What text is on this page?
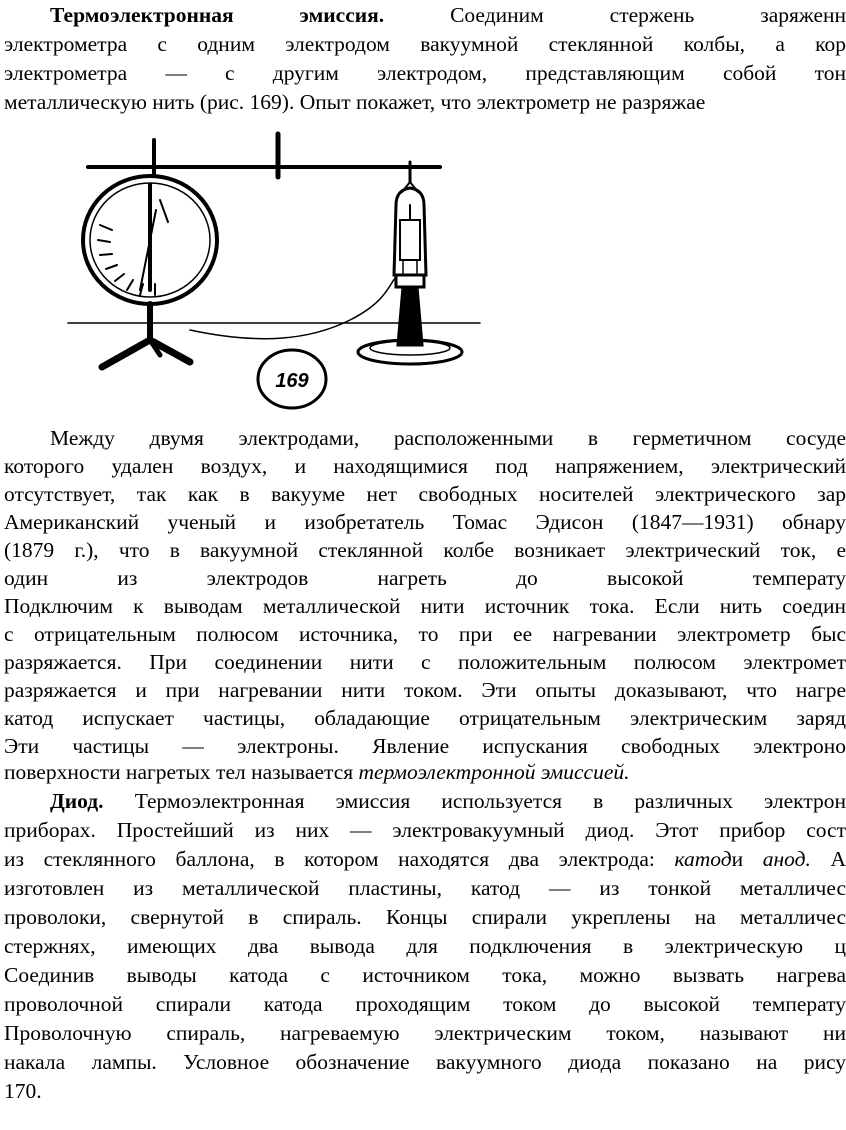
Термоэлектронная эмиссия.	Соединим стержень заряженн
электрометра с одним электродом вакуумной стеклянной колбы, а кор
электрометра — с другим электродом, представляющим собой тон
металлическую нить (рис. 169). Опыт покажет, что электрометр не разряжае
169
Между двумя электродами, расположенными в герметичном сосуде
которого удален воздух, и находящимися под напряжением, электрический
отсутствует, так как в вакууме нет свободных носителей электрического зар
Американский ученый и изобретатель Томас Эдисон (1847—1931) обнару
(1879 г.), что в вакуумной стеклянной колбе возникает электрический ток, е
один из электродов нагреть до высокой температу
Подключим к выводам металлической нити источник тока. Если нить соедин
с отрицательным полюсом источника, то при ее нагревании электрометр быс
разряжается. При соединении нити с положительным полюсом электромет
разряжается и при нагревании нити током. Эти опыты доказывают, что нагре
катод испускает частицы, обладающие отрицательным электрическим заряд
Эти частицы — электроны. Явление испускания свободных электроно
поверхности нагретых тел называется термоэлектронной эмиссией.
Диод. Термоэлектронная эмиссия используется в различных электрон
приборах. Простейший из них — электровакуумный диод. Этот прибор сост
из стеклянного баллона, в котором находятся два электрода: катоди анод. А
изготовлен из металлической пластины, катод — из тонкой металличес
проволоки, свернутой в спираль. Концы спирали укреплены на металличес
стержнях, имеющих два вывода для подключения в электрическую ц
Соединив выводы катода с источником тока, можно вызвать нагрева
проволочной спирали катода проходящим током до высокой температу
Проволочную спираль, нагреваемую электрическим током, называют ни
накала лампы. Условное обозначение вакуумного диода показано на рису
170.
